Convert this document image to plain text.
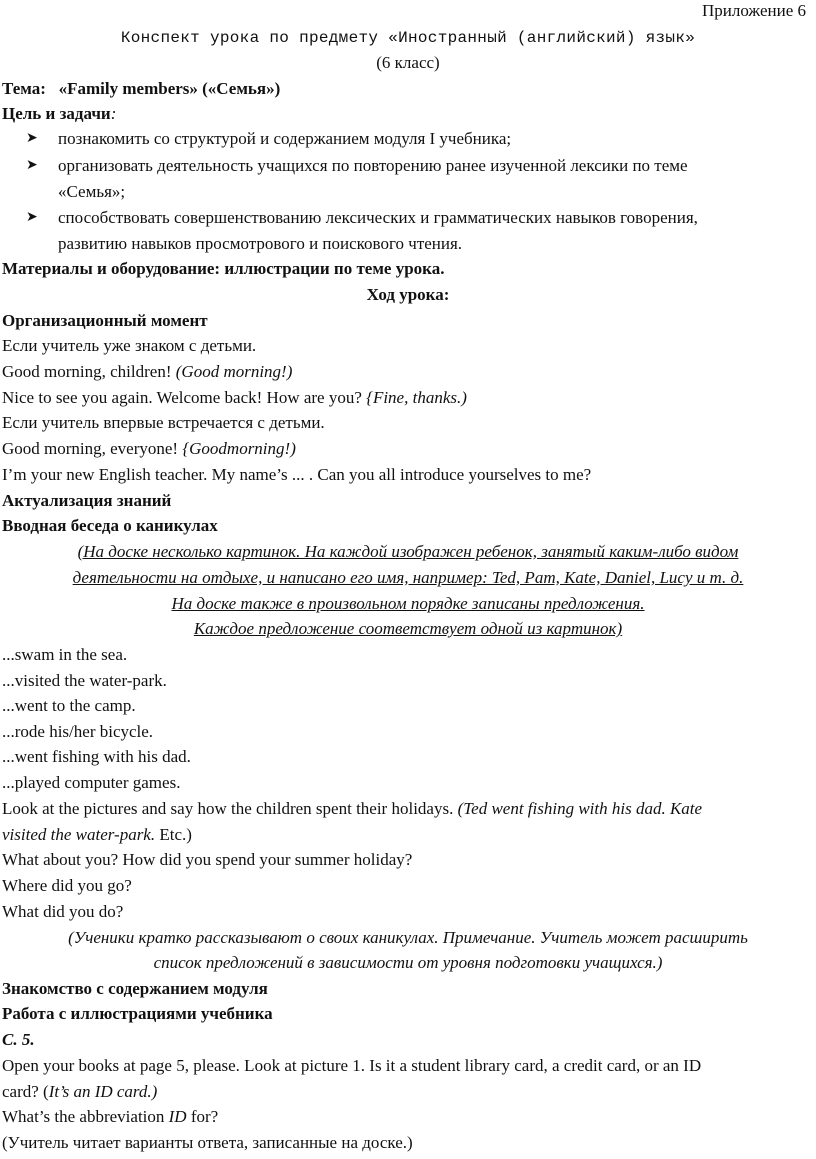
Приложение 6
Конспект урока по предмету «Иностранный (английский) язык»
(6 класс)
Тема: «Family members» («Семья»)
Цель и задачи:
➤ познакомить со структурой и содержанием модуля I учебника;
➤ организовать деятельность учащихся по повторению ранее изученной лексики по теме
«Семья»;
➤ способствовать совершенствованию лексических и грамматических навыков говорения,
развитию навыков просмотрового и поискового чтения.
Материалы и оборудование: иллюстрации по теме урока.
Ход урока:
Организационный момент
Если учитель уже знаком с детьми.
Good morning, children! (Good morning!)
Nice to see you again. Welcome back! How are you? {Fine, thanks.)
Если учитель впервые встречается с детьми.
Good morning, everyone! {Goodmorning!)
I’m your new English teacher. My name’s ... . Can you all introduce yourselves to me?
Актуализация знаний
Вводная беседа о каникулах
(На доске несколько картинок. На каждой изображен ребенок, занятый каким-либо видом
деятельности на отдыхе, и написано его имя, например: Ted, Pam, Kate, Daniel, Lucy и т. д.
На доске также в произвольном порядке записаны предложения.
Каждое предложение соответствует одной из картинок)
...swam in the sea.
...visited the water-park.
...went to the camp.
...rode his/her bicycle.
...went fishing with his dad.
...played computer games.
Look at the pictures and say how the children spent their holidays. (Ted went fishing with his dad. Kate
visited the water-park. Etc.)
What about you? How did you spend your summer holiday?
Where did you go?
What did you do?
(Ученики кратко рассказывают о своих каникулах. Примечание. Учитель может расширить
список предложений в зависимости от уровня подготовки учащихся.)
Знакомство с содержанием модуля
Работа с иллюстрациями учебника
С. 5.
Open your books at page 5, please. Look at picture 1. Is it a student library card, a credit card, or an ID
card? (It’s an ID card.)
What’s the abbreviation ID for?
(Учитель читает варианты ответа, записанные на доске.)
